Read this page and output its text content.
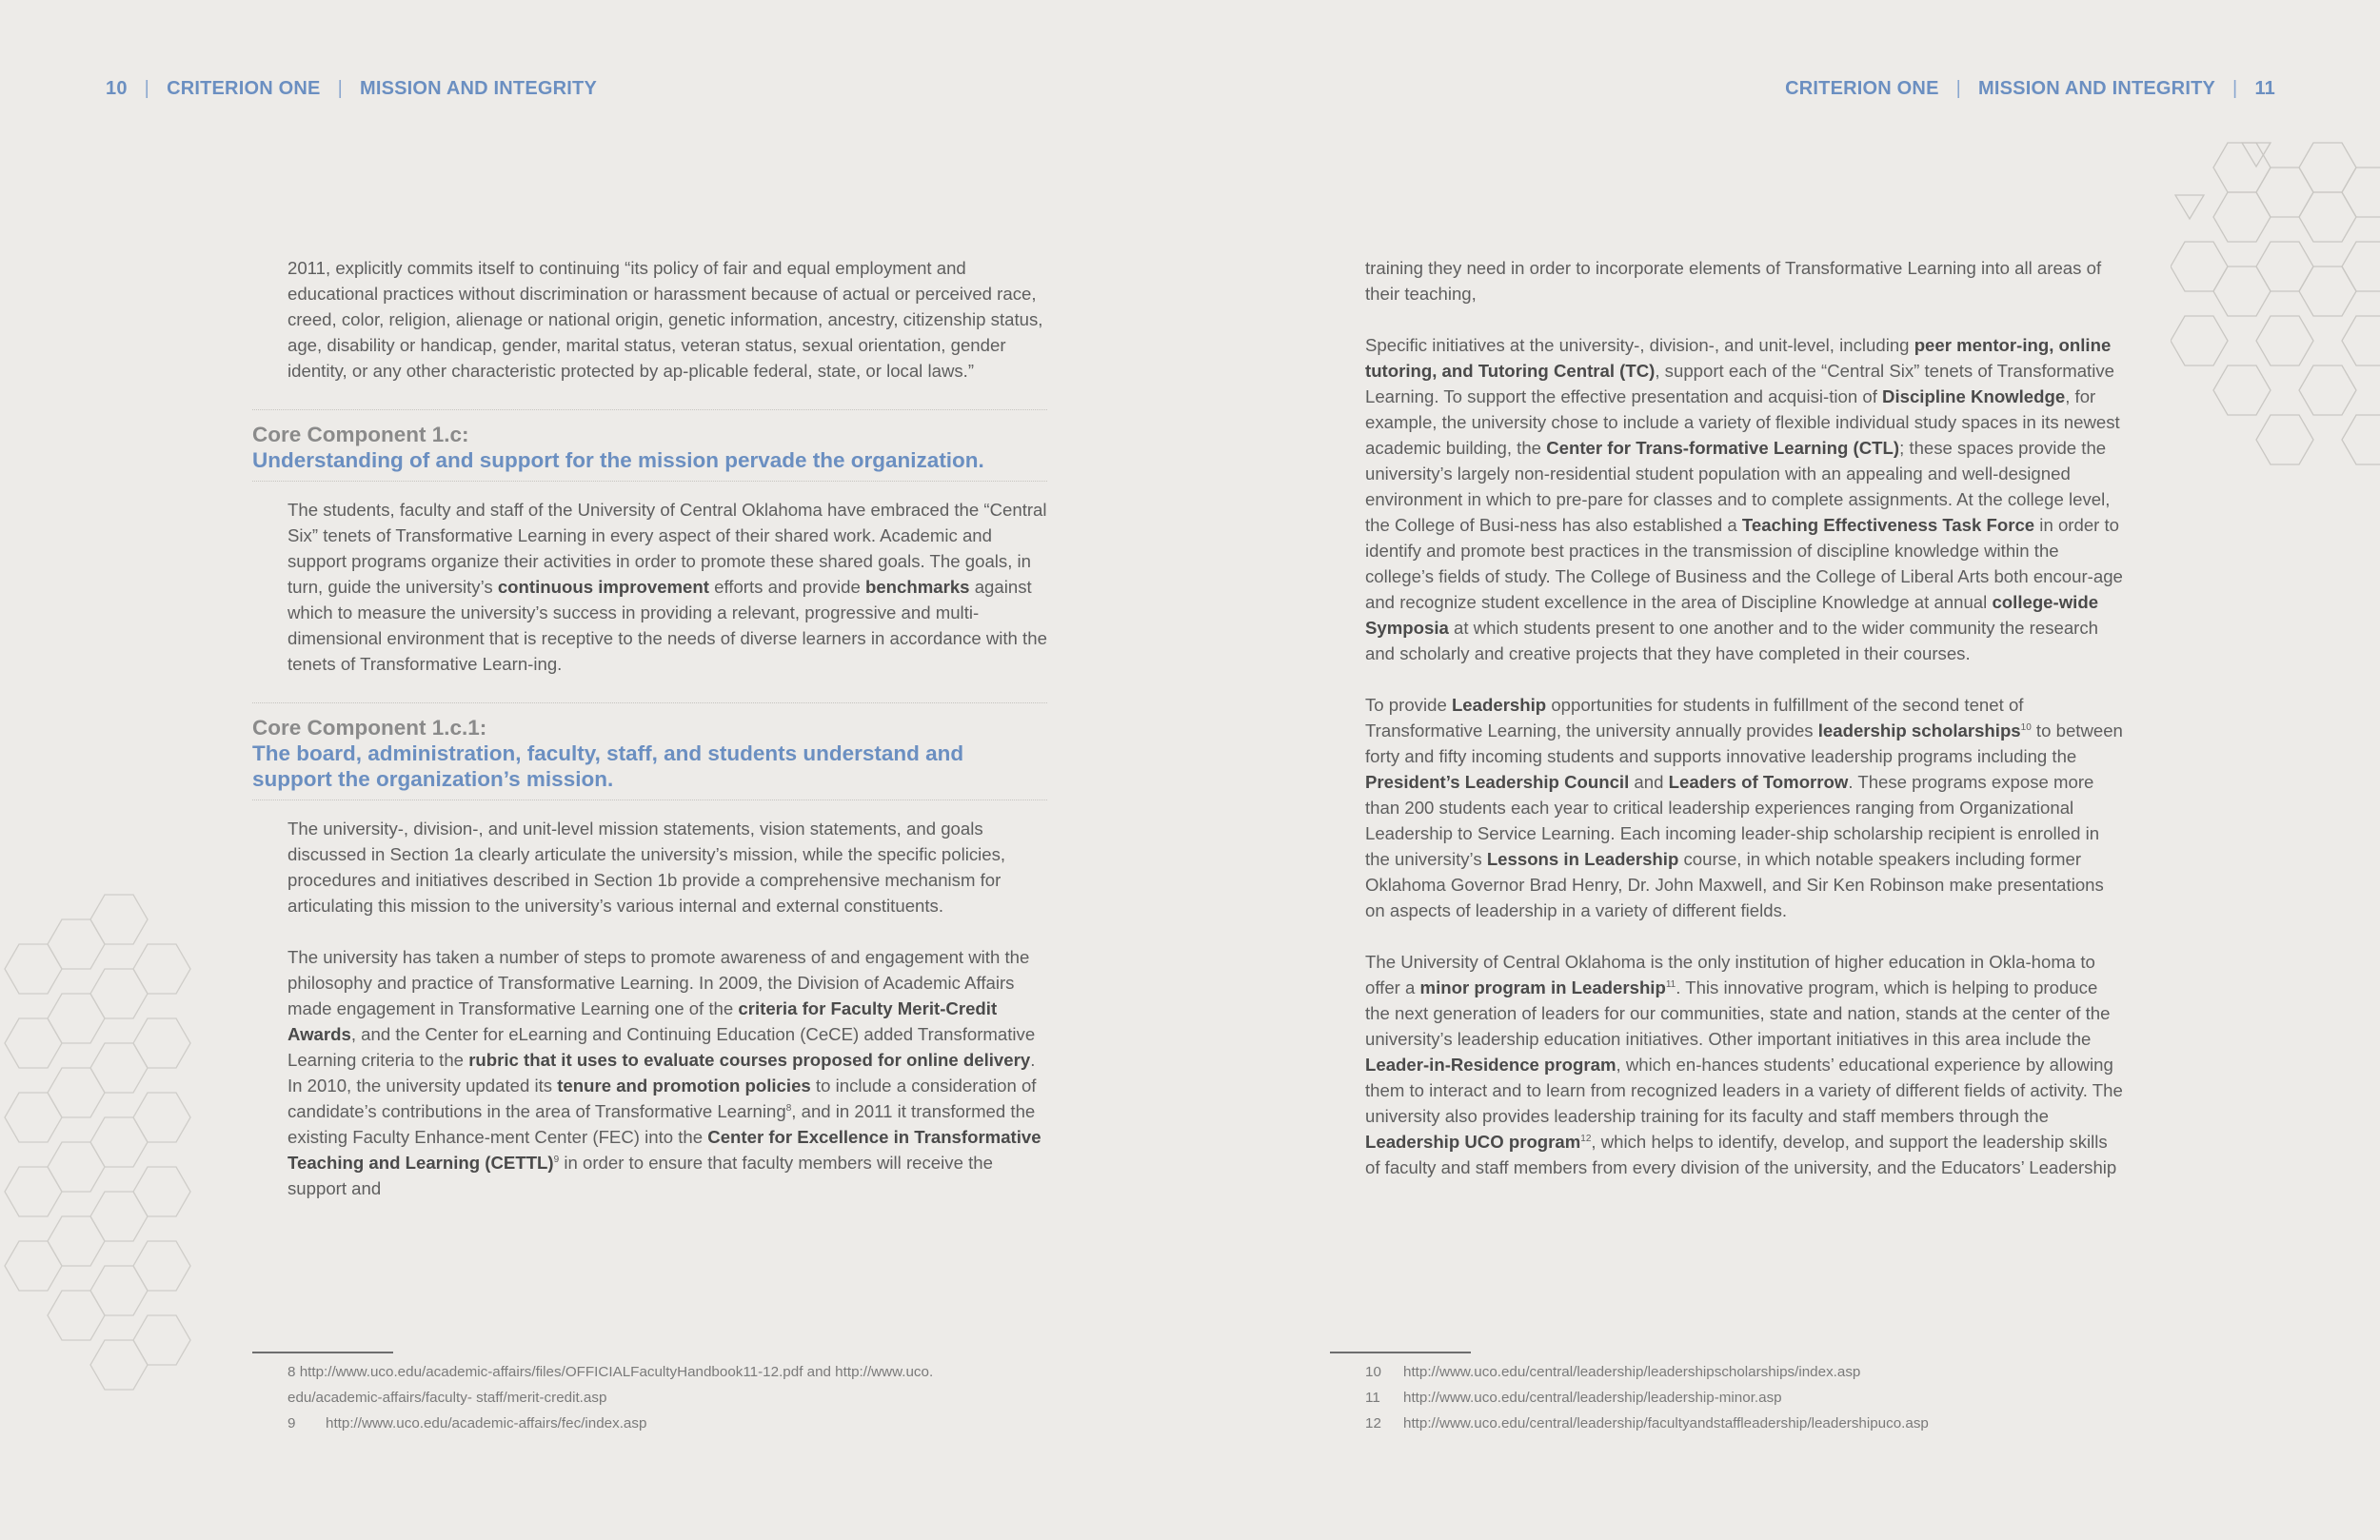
10 | CRITERION ONE | MISSION AND INTEGRITY	CRITERION ONE | MISSION AND INTEGRITY | 11

2011, explicitly commits itself to continuing “its policy of fair and equal employment and educational practices without discrimination or harassment because of actual or perceived race, creed, color, religion, alienage or national origin, genetic information, ancestry, citizenship status, age, disability or handicap, gender, marital status, veteran status, sexual orientation, gender identity, or any other characteristic protected by ap-plicable federal, state, or local laws.”

Core Component 1.c:
Understanding of and support for the mission pervade the organization.

The students, faculty and staff of the University of Central Oklahoma have embraced the “Central Six” tenets of Transformative Learning in every aspect of their shared work. Academic and support programs organize their activities in order to promote these shared goals. The goals, in turn, guide the university’s continuous improvement efforts and provide benchmarks against which to measure the university’s success in providing a relevant, progressive and multi-dimensional environment that is receptive to the needs of diverse learners in accordance with the tenets of Transformative Learn-ing.

Core Component 1.c.1:
The board, administration, faculty, staff, and students understand and support the organization’s mission.

The university-, division-, and unit-level mission statements, vision statements, and goals discussed in Section 1a clearly articulate the university’s mission, while the specific policies, procedures and initiatives described in Section 1b provide a comprehensive mechanism for articulating this mission to the university’s various internal and external constituents.

The university has taken a number of steps to promote awareness of and engagement with the philosophy and practice of Transformative Learning. In 2009, the Division of Academic Affairs made engagement in Transformative Learning one of the criteria for Faculty Merit-Credit Awards, and the Center for eLearning and Continuing Education (CeCE) added Transformative Learning criteria to the rubric that it uses to evaluate courses proposed for online delivery. In 2010, the university updated its tenure and promotion policies to include a consideration of candidate’s contributions in the area of Transformative Learning$^8$, and in 2011 it transformed the existing Faculty Enhance-ment Center (FEC) into the Center for Excellence in Transformative Teaching and Learning (CETTL)$^9$ in order to ensure that faculty members will receive the support and

8 http://www.uco.edu/academic-affairs/files/OFFICIALFacultyHandbook11-12.pdf and http://www.uco.
edu/academic-affairs/faculty- staff/merit-credit.asp
9 http://www.uco.edu/academic-affairs/fec/index.asp

training they need in order to incorporate elements of Transformative Learning into all areas of their teaching,

Specific initiatives at the university-, division-, and unit-level, including peer mentor-ing, online tutoring, and Tutoring Central (TC), support each of the “Central Six” tenets of Transformative Learning. To support the effective presentation and acquisi-tion of Discipline Knowledge, for example, the university chose to include a variety of flexible individual study spaces in its newest academic building, the Center for Trans-formative Learning (CTL); these spaces provide the university’s largely non-residential student population with an appealing and well-designed environment in which to pre-pare for classes and to complete assignments. At the college level, the College of Busi-ness has also established a Teaching Effectiveness Task Force in order to identify and promote best practices in the transmission of discipline knowledge within the college’s fields of study. The College of Business and the College of Liberal Arts both encour-age and recognize student excellence in the area of Discipline Knowledge at annual college-wide Symposia at which students present to one another and to the wider community the research and scholarly and creative projects that they have completed in their courses.

To provide Leadership opportunities for students in fulfillment of the second tenet of Transformative Learning, the university annually provides leadership scholarships$^{10}$ to between forty and fifty incoming students and supports innovative leadership programs including the President’s Leadership Council and Leaders of Tomorrow. These programs expose more than 200 students each year to critical leadership experiences ranging from Organizational Leadership to Service Learning. Each incoming leader-ship scholarship recipient is enrolled in the university’s Lessons in Leadership course, in which notable speakers including former Oklahoma Governor Brad Henry, Dr. John Maxwell, and Sir Ken Robinson make presentations on aspects of leadership in a variety of different fields.

The University of Central Oklahoma is the only institution of higher education in Okla-homa to offer a minor program in Leadership$^{11}$. This innovative program, which is helping to produce the next generation of leaders for our communities, state and nation, stands at the center of the university’s leadership education initiatives. Other important initiatives in this area include the Leader-in-Residence program, which en-hances students’ educational experience by allowing them to interact and to learn from recognized leaders in a variety of different fields of activity. The university also provides leadership training for its faculty and staff members through the Leadership UCO program$^{12}$, which helps to identify, develop, and support the leadership skills of faculty and staff members from every division of the university, and the Educators’ Leadership

10 http://www.uco.edu/central/leadership/leadershipscholarships/index.asp
11 http://www.uco.edu/central/leadership/leadership-minor.asp
12 http://www.uco.edu/central/leadership/facultyandstaffleadership/leadershipuco.asp
